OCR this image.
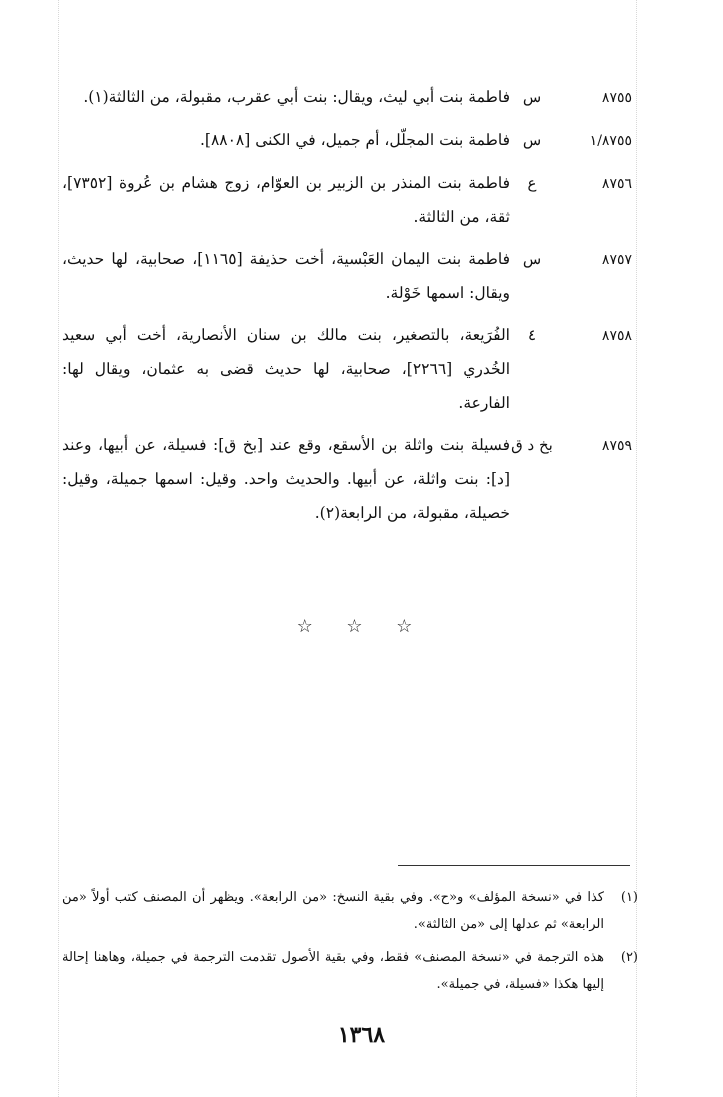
٨٧٥٥
س
فاطمة بنت أبي ليث، ويقال: بنت أبي عقرب، مقبولة، من الثالثة(١).
١/٨٧٥٥
س
فاطمة بنت المجلّل، أم جميل، في الكنى [٨٨٠٨].
٨٧٥٦
ع
فاطمة بنت المنذر بن الزبير بن العوّام، زوج هشام بن عُروة [٧٣٥٢]، ثقة، من الثالثة.
٨٧٥٧
س
فاطمة بنت اليمان العَبْسية، أخت حذيفة [١١٦٥]، صحابية، لها حديث، ويقال: اسمها خَوْلة.
٨٧٥٨
٤
الفُرَيعة، بالتصغير، بنت مالك بن سنان الأنصارية، أخت أبي سعيد الخُدري [٢٢٦٦]، صحابية، لها حديث قضى به عثمان، ويقال لها: الفارعة.
٨٧٥٩
بخ د ق
فسيلة بنت واثلة بن الأسقع، وقع عند [بخ ق]: فسيلة، عن أبيها، وعند [د]: بنت واثلة، عن أبيها. والحديث واحد. وقيل: اسمها جميلة، وقيل: خصيلة، مقبولة، من الرابعة(٢).
☆ ☆ ☆
(١)
كذا في «نسخة المؤلف» و«ح». وفي بقية النسخ: «من الرابعة». ويظهر أن المصنف كتب أولاً «من الرابعة» ثم عدلها إلى «من الثالثة».
(٢)
هذه الترجمة في «نسخة المصنف» فقط، وفي بقية الأصول تقدمت الترجمة في جميلة، وهاهنا إحالة إليها هكذا «فسيلة، في جميلة».
١٣٦٨
